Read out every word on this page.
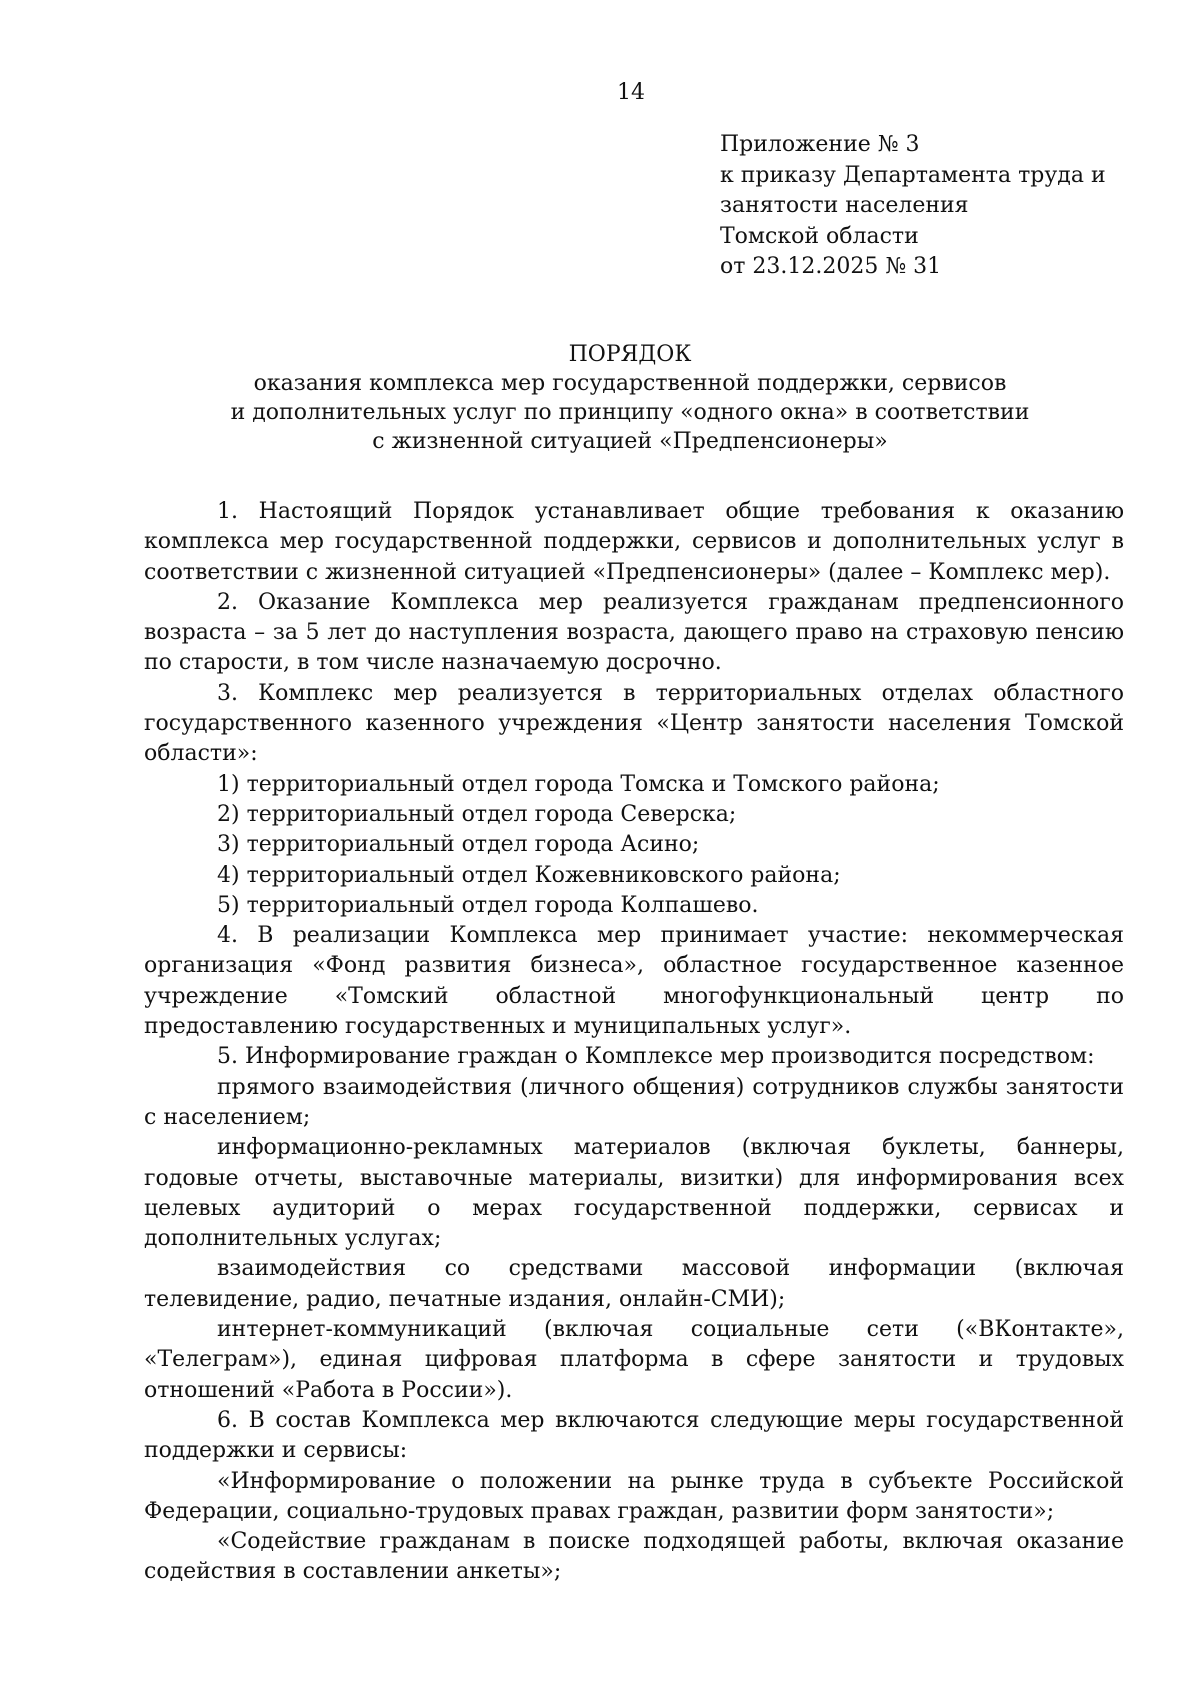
14
Приложение № 3
к приказу Департамента труда и
занятости населения
Томской области
от 23.12.2025 № 31
ПОРЯДОК
оказания комплекса мер государственной поддержки, сервисов
и дополнительных услуг по принципу «одного окна» в соответствии
с жизненной ситуацией «Предпенсионеры»

1. Настоящий Порядок устанавливает общие требования к оказанию комплекса мер государственной поддержки, сервисов и дополнительных услуг в соответствии с жизненной ситуацией «Предпенсионеры» (далее – Комплекс мер).

2. Оказание Комплекса мер реализуется гражданам предпенсионного возраста – за 5 лет до наступления возраста, дающего право на страховую пенсию по старости, в том числе назначаемую досрочно.

3. Комплекс мер реализуется в территориальных отделах областного государственного казенного учреждения «Центр занятости населения Томской области»:

1) территориальный отдел города Томска и Томского района;

2) территориальный отдел города Северска;

3) территориальный отдел города Асино;

4) территориальный отдел Кожевниковского района;

5) территориальный отдел города Колпашево.

4. В реализации Комплекса мер принимает участие: некоммерческая организация «Фонд развития бизнеса», областное государственное казенное учреждение «Томский областной многофункциональный центр по предоставлению государственных и муниципальных услуг».

5. Информирование граждан о Комплексе мер производится посредством:

прямого взаимодействия (личного общения) сотрудников службы занятости с населением;

информационно-рекламных материалов (включая буклеты, баннеры, годовые отчеты, выставочные материалы, визитки) для информирования всех целевых аудиторий о мерах государственной поддержки, сервисах и дополнительных услугах;

взаимодействия со средствами массовой информации (включая телевидение, радио, печатные издания, онлайн-СМИ);

интернет-коммуникаций (включая социальные сети («ВКонтакте», «Телеграм»), единая цифровая платформа в сфере занятости и трудовых отношений «Работа в России»).

6. В состав Комплекса мер включаются следующие меры государственной поддержки и сервисы:

«Информирование о положении на рынке труда в субъекте Российской Федерации, социально-трудовых правах граждан, развитии форм занятости»;

«Содействие гражданам в поиске подходящей работы, включая оказание содействия в составлении анкеты»;
